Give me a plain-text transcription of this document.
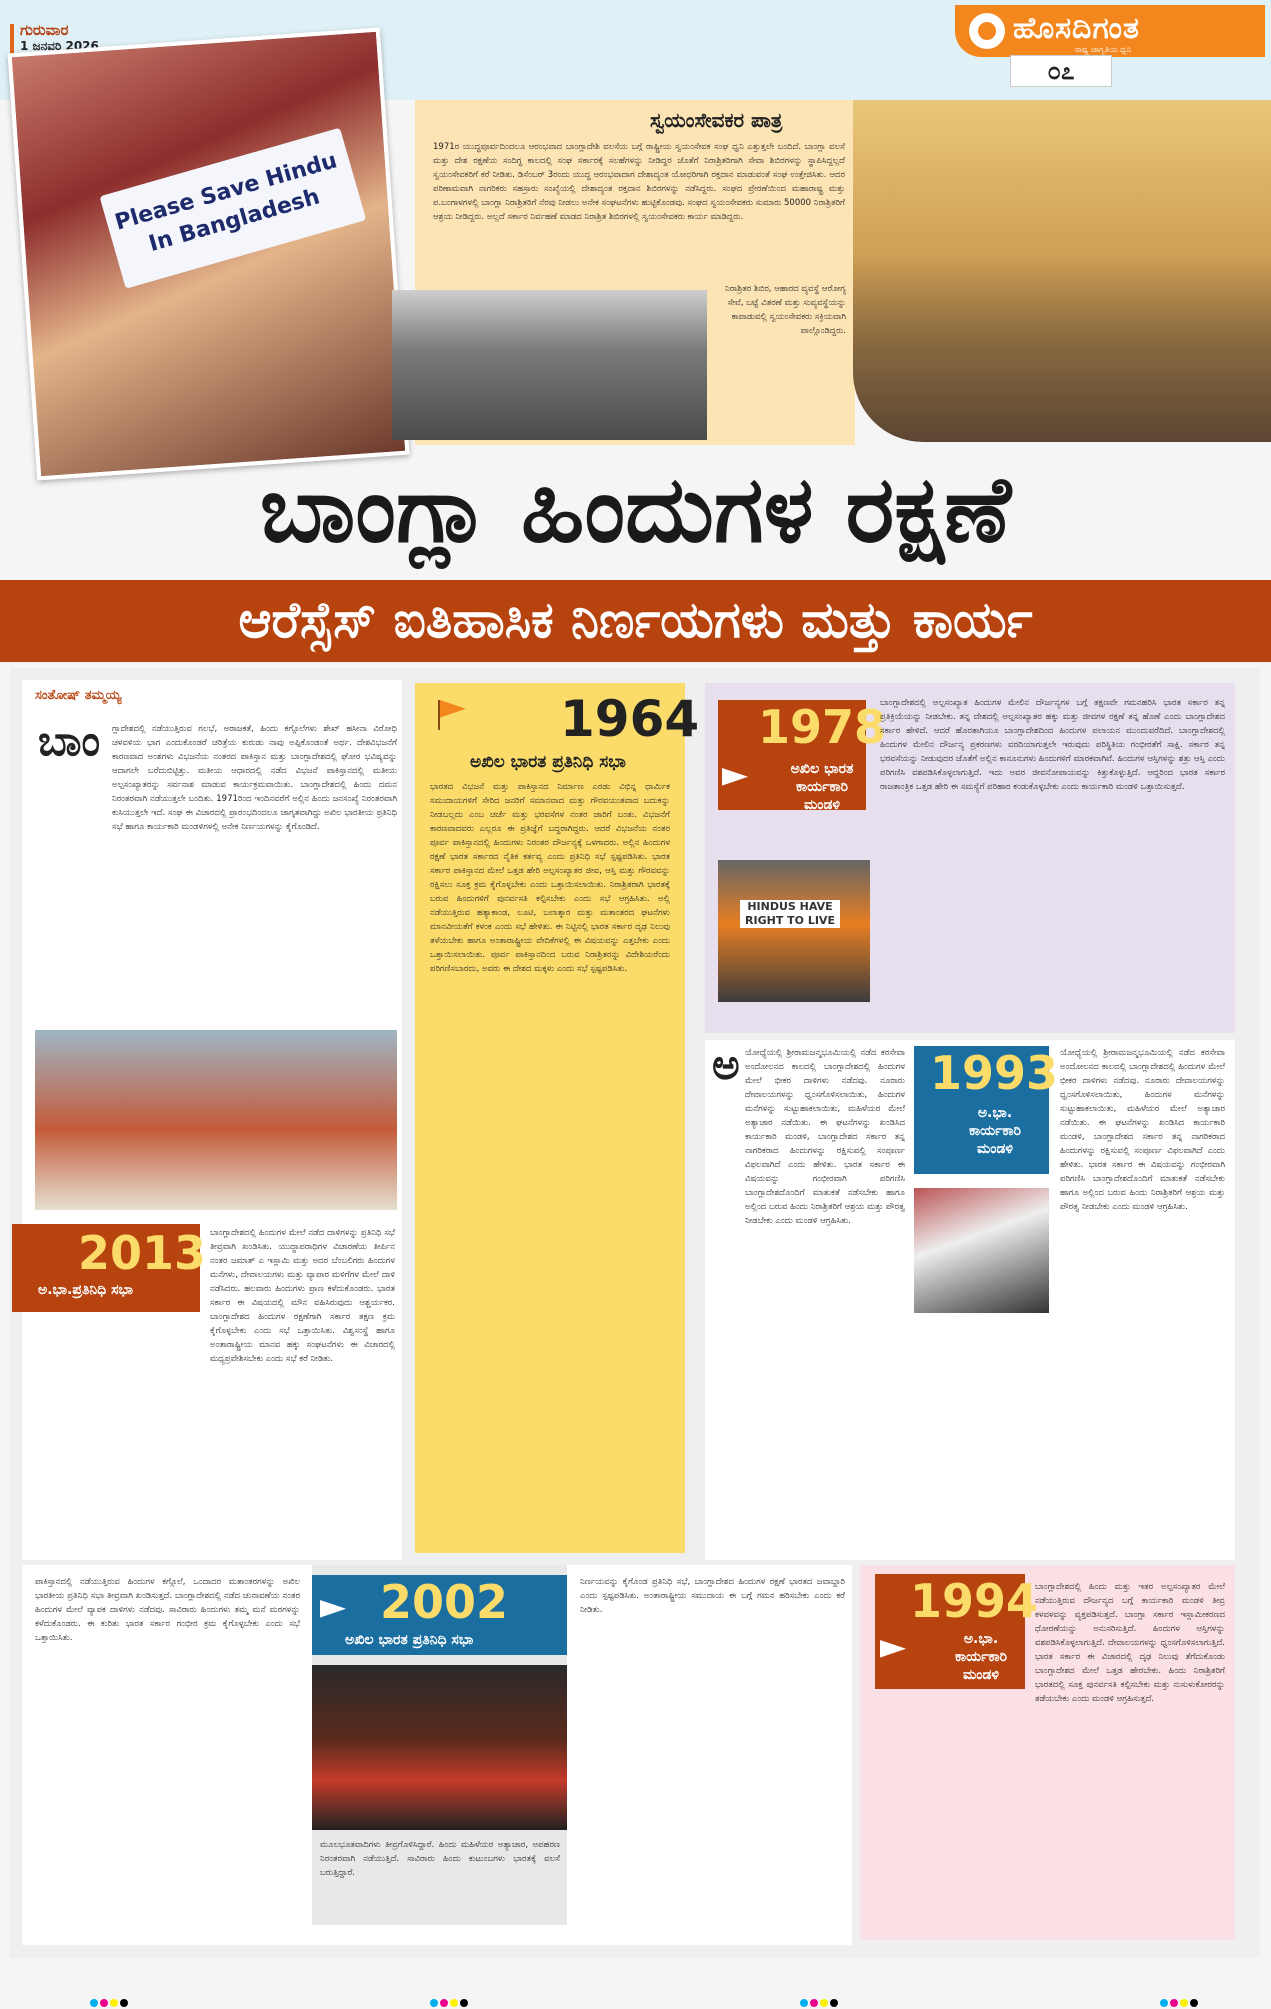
ಗುರುವಾರ
1 ಜನವರಿ 2026	ಹೊಸದಿಗಂತ
ರಾಷ್ಟ್ರ ಜಾಗೃತಿಯ ಧ್ವನಿ
೦೭
Please Save Hindu In Bangladesh
ಸ್ವಯಂಸೇವಕರ ಪಾತ್ರ
1971ರ ಯುದ್ಧಪೂರ್ವದಿಂದಲೂ ಆರಂಭವಾದ ಬಾಂಗ್ಲಾದೇಶಿ ವಲಸೆಯ ಬಗ್ಗೆ ರಾಷ್ಟ್ರೀಯ ಸ್ವಯಂಸೇವಕ ಸಂಘ ಧ್ವನಿ ಎತ್ತುತ್ತಲೇ ಬಂದಿದೆ. ಬಾಂಗ್ಲಾ ವಲಸೆ ಮತ್ತು ದೇಶ ರಕ್ಷಣೆಯ ಸಂದಿಗ್ಧ ಕಾಲದಲ್ಲಿ ಸಂಘ ಸರ್ಕಾರಕ್ಕೆ ಸಲಹೆಗಳನ್ನು ನೀಡಿದ್ದರ ಜೊತೆಗೆ ನಿರಾಶ್ರಿತರಿಗಾಗಿ ಸೇವಾ ಶಿಬಿರಗಳನ್ನು ಸ್ಥಾಪಿಸಿದ್ದಲ್ಲದೆ ಸ್ವಯಂಸೇವಕರಿಗೆ ಕರೆ ನೀಡಿತು. ಡಿಸೆಂಬರ್ 3ರಂದು ಯುದ್ಧ ಆರಂಭವಾದಾಗ ದೇಶಾದ್ಯಂತ ಯೋಧರಿಗಾಗಿ ರಕ್ತದಾನ ಮಾಡುವಂತೆ ಸಂಘ ಉತ್ತೇಜಿಸಿತು. ಆದರ ಪರಿಣಾಮವಾಗಿ ನಾಗರಿಕರು ಸಹಸ್ರಾರು ಸಂಖ್ಯೆಯಲ್ಲಿ ದೇಶಾದ್ಯಂತ ರಕ್ತದಾನ ಶಿಬಿರಗಳನ್ನು ನಡೆಸಿದ್ದರು. ಸಂಘದ ಪ್ರೇರಣೆಯಿಂದ ಮಹಾರಾಷ್ಟ್ರ ಮತ್ತು ಪ.ಬಂಗಾಳಗಳಲ್ಲಿ ಬಾಂಗ್ಲಾ ನಿರಾಶ್ರಿತರಿಗೆ ನೆರವು ನೀಡಲು ಅನೇಕ ಸಂಘಟನೆಗಳು ಹುಟ್ಟಿಕೊಂಡವು. ಸಂಘದ ಸ್ವಯಂಸೇವಕರು ಸುಮಾರು 50000 ನಿರಾಶ್ರಿತರಿಗೆ ಆಶ್ರಯ ನೀಡಿದ್ದರು. ಅಲ್ಲದೆ ಸರ್ಕಾರ ನಿರ್ವಹಣೆ ಮಾಡದ ನಿರಾಶ್ರಿತ ಶಿಬಿರಗಳಲ್ಲಿ ಸ್ವಯಂಸೇವಕರು ಕಾರ್ಯ ಮಾಡಿದ್ದರು.
ನಿರಾಶ್ರಿತರ ಶಿಬಿರ, ಆಹಾರದ ವ್ಯವಸ್ಥೆ ಆರೋಗ್ಯ ಸೇವೆ, ಬಟ್ಟೆ ವಿತರಣೆ ಮತ್ತು ಸುವ್ಯವಸ್ಥೆಯನ್ನು ಕಾಪಾಡುವಲ್ಲಿ ಸ್ವಯಂಸೇವಕರು ಸಕ್ರಿಯವಾಗಿ ಪಾಲ್ಗೊಂಡಿದ್ದರು.
ಬಾಂಗ್ಲಾ ಹಿಂದುಗಳ ರಕ್ಷಣೆ
ಆರೆಸ್ಸೆಸ್ ಐತಿಹಾಸಿಕ ನಿರ್ಣಯಗಳು ಮತ್ತು ಕಾರ್ಯ
ಸಂತೋಷ್ ತಮ್ಮಯ್ಯ
ಬಾಂ ಗ್ಲಾದೇಶದಲ್ಲಿ ನಡೆಯುತ್ತಿರುವ ಗಲಭೆ, ಅರಾಜಕತೆ, ಹಿಂದು ಕಗ್ಗೊಲೆಗಳು ಶೇಖ್ ಹಸೀನಾ ವಿರೋಧಿ ಚಳವಳಿಯ ಭಾಗ ಎಂದುಕೊಂಡರೆ ಚರಿತ್ರೆಯ ಕುರುಡು ನಾವು ಅಪ್ಪಿಕೊಂಡಂತೆ ಅರ್ಥ. ದೇಶವಿಭಜನೆಗೆ ಕಾರಣವಾದ ಅಂಶಗಳು ವಿಭಜನೆಯ ನಂತರದ ಪಾಕಿಸ್ತಾನ ಮತ್ತು ಬಾಂಗ್ಲಾದೇಶದಲ್ಲಿ ಘೋರ ಭವಿಷ್ಯವನ್ನು ಆದಾಗಲೇ ಬರೆದುಬಿಟ್ಟಿತ್ತು. ಮತೀಯ ಆಧಾರದಲ್ಲಿ ನಡೆದ ವಿಭಜನೆ ಪಾಕಿಸ್ತಾನದಲ್ಲಿ ಮತೀಯ ಅಲ್ಪಸಂಖ್ಯಾತರನ್ನು ಸರ್ವನಾಶ ಮಾಡುವ ಕಾರ್ಯಕ್ರಮವಾಯಿತು. ಬಾಂಗ್ಲಾದೇಶದಲ್ಲಿ ಹಿಂದು ದಮನ ನಿರಂತರವಾಗಿ ನಡೆಯುತ್ತಲೇ ಬಂದಿತು. 1971ರಿಂದ ಇಂದಿನವರೆಗೆ ಅಲ್ಲಿನ ಹಿಂದು ಜನಸಂಖ್ಯೆ ನಿರಂತರವಾಗಿ ಕುಸಿಯುತ್ತಲೇ ಇದೆ. ಸಂಘ ಈ ವಿಚಾರದಲ್ಲಿ ಪ್ರಾರಂಭದಿಂದಲೂ ಜಾಗೃತವಾಗಿದ್ದು ಅಖಿಲ ಭಾರತೀಯ ಪ್ರತಿನಿಧಿ ಸಭೆ ಹಾಗೂ ಕಾರ್ಯಕಾರಿ ಮಂಡಳಿಗಳಲ್ಲಿ ಅನೇಕ ನಿರ್ಣಯಗಳನ್ನು ಕೈಗೊಂಡಿದೆ.
1964
ಅಖಿಲ ಭಾರತ ಪ್ರತಿನಿಧಿ ಸಭಾ
ಭಾರತದ ವಿಭಜನೆ ಮತ್ತು ಪಾಕಿಸ್ತಾನದ ನಿರ್ಮಾಣ ಎರಡು ವಿಭಿನ್ನ ಧಾರ್ಮಿಕ ಸಮುದಾಯಗಳಿಗೆ ಸೇರಿದ ಜನರಿಗೆ ಸಮಾನವಾದ ಮತ್ತು ಗೌರವಯುತವಾದ ಬದುಕನ್ನು ನೀಡಬಲ್ಲದು ಎಂಬ ಚರ್ಚೆ ಮತ್ತು ಭರವಸೆಗಳ ನಂತರ ಜಾರಿಗೆ ಬಂತು. ವಿಭಜನೆಗೆ ಕಾರಣವಾದವರು ಎಲ್ಲರೂ ಈ ಪ್ರತಿಜ್ಞೆಗೆ ಬದ್ಧರಾಗಿದ್ದರು. ಆದರೆ ವಿಭಜನೆಯ ನಂತರ ಪೂರ್ವ ಪಾಕಿಸ್ತಾನದಲ್ಲಿ ಹಿಂದುಗಳು ನಿರಂತರ ದೌರ್ಜನ್ಯಕ್ಕೆ ಒಳಗಾದರು. ಅಲ್ಲಿನ ಹಿಂದುಗಳ ರಕ್ಷಣೆ ಭಾರತ ಸರ್ಕಾರದ ನೈತಿಕ ಕರ್ತವ್ಯ ಎಂದು ಪ್ರತಿನಿಧಿ ಸಭೆ ಸ್ಪಷ್ಟಪಡಿಸಿತು. ಭಾರತ ಸರ್ಕಾರ ಪಾಕಿಸ್ತಾನದ ಮೇಲೆ ಒತ್ತಡ ಹೇರಿ ಅಲ್ಪಸಂಖ್ಯಾತರ ಜೀವ, ಆಸ್ತಿ ಮತ್ತು ಗೌರವವನ್ನು ರಕ್ಷಿಸಲು ಸೂಕ್ತ ಕ್ರಮ ಕೈಗೊಳ್ಳಬೇಕು ಎಂದು ಒತ್ತಾಯಿಸಲಾಯಿತು. ನಿರಾಶ್ರಿತರಾಗಿ ಭಾರತಕ್ಕೆ ಬರುವ ಹಿಂದುಗಳಿಗೆ ಪುನರ್ವಸತಿ ಕಲ್ಪಿಸಬೇಕು ಎಂದು ಸಭೆ ಆಗ್ರಹಿಸಿತು. ಅಲ್ಲಿ ನಡೆಯುತ್ತಿರುವ ಹತ್ಯಾಕಾಂಡ, ಲೂಟಿ, ಬಲಾತ್ಕಾರ ಮತ್ತು ಮತಾಂತರದ ಘಟನೆಗಳು ಮಾನವೀಯತೆಗೆ ಕಳಂಕ ಎಂದು ಸಭೆ ಹೇಳಿತು. ಈ ನಿಟ್ಟಿನಲ್ಲಿ ಭಾರತ ಸರ್ಕಾರ ದೃಢ ನಿಲುವು ತಳೆಯಬೇಕು ಹಾಗೂ ಅಂತಾರಾಷ್ಟ್ರೀಯ ವೇದಿಕೆಗಳಲ್ಲಿ ಈ ವಿಷಯವನ್ನು ಎತ್ತಬೇಕು ಎಂದು ಒತ್ತಾಯಿಸಲಾಯಿತು. ಪೂರ್ವ ಪಾಕಿಸ್ತಾನದಿಂದ ಬರುವ ನಿರಾಶ್ರಿತರನ್ನು ವಿದೇಶಿಯರೆಂದು ಪರಿಗಣಿಸಬಾರದು, ಅವರು ಈ ದೇಶದ ಮಕ್ಕಳು ಎಂದು ಸಭೆ ಸ್ಪಷ್ಟಪಡಿಸಿತು.
1978
ಅಖಿಲ ಭಾರತ ಕಾರ್ಯಕಾರಿ ಮಂಡಳಿ
HINDUS HAVE RIGHT TO LIVE
ಬಾಂಗ್ಲಾದೇಶದಲ್ಲಿ ಅಲ್ಪಸಂಖ್ಯಾತ ಹಿಂದುಗಳ ಮೇಲಿನ ದೌರ್ಜನ್ಯಗಳ ಬಗ್ಗೆ ತಕ್ಷಣವೇ ಗಮನಹರಿಸಿ ಭಾರತ ಸರ್ಕಾರ ತನ್ನ ಪ್ರತಿಕ್ರಿಯೆಯನ್ನು ನೀಡಬೇಕು. ತನ್ನ ದೇಶದಲ್ಲಿ ಅಲ್ಪಸಂಖ್ಯಾತರ ಹಕ್ಕು ಮತ್ತು ಜೀವಗಳ ರಕ್ಷಣೆ ತನ್ನ ಹೊಣೆ ಎಂದು ಬಾಂಗ್ಲಾದೇಶದ ಸರ್ಕಾರ ಹೇಳಿದೆ. ಆದರೆ ಹೊರತಾಗಿಯೂ ಬಾಂಗ್ಲಾದೇಶದಿಂದ ಹಿಂದುಗಳ ಪಲಾಯನ ಮುಂದುವರೆದಿದೆ. ಬಾಂಗ್ಲಾದೇಶದಲ್ಲಿ ಹಿಂದುಗಳ ಮೇಲಿನ ದೌರ್ಜನ್ಯ ಪ್ರಕರಣಗಳು ವರದಿಯಾಗುತ್ತಲೇ ಇರುವುದು ಪರಿಸ್ಥಿತಿಯ ಗಂಭೀರತೆಗೆ ಸಾಕ್ಷಿ. ಸರ್ಕಾರ ತನ್ನ ಭರವಸೆಯನ್ನು ನೀಡುವುದರ ಜೊತೆಗೆ ಅಲ್ಲಿನ ಕಾನೂನುಗಳು ಹಿಂದುಗಳಿಗೆ ಮಾರಕವಾಗಿವೆ. ಹಿಂದುಗಳ ಆಸ್ತಿಗಳನ್ನು ಶತ್ರು ಆಸ್ತಿ ಎಂದು ಪರಿಗಣಿಸಿ ವಶಪಡಿಸಿಕೊಳ್ಳಲಾಗುತ್ತಿದೆ. ಇದು ಅವರ ಜೀವನೋಪಾಯವನ್ನು ಕಿತ್ತುಕೊಳ್ಳುತ್ತಿದೆ. ಆದ್ದರಿಂದ ಭಾರತ ಸರ್ಕಾರ ರಾಜತಾಂತ್ರಿಕ ಒತ್ತಡ ಹೇರಿ ಈ ಸಮಸ್ಯೆಗೆ ಪರಿಹಾರ ಕಂಡುಕೊಳ್ಳಬೇಕು ಎಂದು ಕಾರ್ಯಕಾರಿ ಮಂಡಳಿ ಒತ್ತಾಯಿಸುತ್ತದೆ.
ಅ ಯೋಧ್ಯೆಯಲ್ಲಿ ಶ್ರೀರಾಮಜನ್ಮಭೂಮಿಯಲ್ಲಿ ನಡೆದ ಕರಸೇವಾ ಅಂದೋಲನದ ಕಾಲದಲ್ಲಿ ಬಾಂಗ್ಲಾದೇಶದಲ್ಲಿ ಹಿಂದುಗಳ ಮೇಲೆ ಭೀಕರ ದಾಳಿಗಳು ನಡೆದವು. ನೂರಾರು ದೇವಾಲಯಗಳನ್ನು ಧ್ವಂಸಗೊಳಿಸಲಾಯಿತು, ಹಿಂದುಗಳ ಮನೆಗಳನ್ನು ಸುಟ್ಟುಹಾಕಲಾಯಿತು, ಮಹಿಳೆಯರ ಮೇಲೆ ಅತ್ಯಾಚಾರ ನಡೆಯಿತು. ಈ ಘಟನೆಗಳನ್ನು ಖಂಡಿಸಿದ ಕಾರ್ಯಕಾರಿ ಮಂಡಳಿ, ಬಾಂಗ್ಲಾದೇಶದ ಸರ್ಕಾರ ತನ್ನ ನಾಗರಿಕರಾದ ಹಿಂದುಗಳನ್ನು ರಕ್ಷಿಸುವಲ್ಲಿ ಸಂಪೂರ್ಣ ವಿಫಲವಾಗಿದೆ ಎಂದು ಹೇಳಿತು. ಭಾರತ ಸರ್ಕಾರ ಈ ವಿಷಯವನ್ನು ಗಂಭೀರವಾಗಿ ಪರಿಗಣಿಸಿ ಬಾಂಗ್ಲಾದೇಶದೊಂದಿಗೆ ಮಾತುಕತೆ ನಡೆಸಬೇಕು ಹಾಗೂ ಅಲ್ಲಿಂದ ಬರುವ ಹಿಂದು ನಿರಾಶ್ರಿತರಿಗೆ ಆಶ್ರಯ ಮತ್ತು ಪೌರತ್ವ ನೀಡಬೇಕು ಎಂದು ಮಂಡಳಿ ಆಗ್ರಹಿಸಿತು.
1993
ಅ.ಭಾ. ಕಾರ್ಯಕಾರಿ ಮಂಡಳಿ
ಯೋಧ್ಯೆಯಲ್ಲಿ ಶ್ರೀರಾಮಜನ್ಮಭೂಮಿಯಲ್ಲಿ ನಡೆದ ಕರಸೇವಾ ಅಂದೋಲನದ ಕಾಲದಲ್ಲಿ ಬಾಂಗ್ಲಾದೇಶದಲ್ಲಿ ಹಿಂದುಗಳ ಮೇಲೆ ಭೀಕರ ದಾಳಿಗಳು ನಡೆದವು. ನೂರಾರು ದೇವಾಲಯಗಳನ್ನು ಧ್ವಂಸಗೊಳಿಸಲಾಯಿತು, ಹಿಂದುಗಳ ಮನೆಗಳನ್ನು ಸುಟ್ಟುಹಾಕಲಾಯಿತು, ಮಹಿಳೆಯರ ಮೇಲೆ ಅತ್ಯಾಚಾರ ನಡೆಯಿತು. ಈ ಘಟನೆಗಳನ್ನು ಖಂಡಿಸಿದ ಕಾರ್ಯಕಾರಿ ಮಂಡಳಿ, ಬಾಂಗ್ಲಾದೇಶದ ಸರ್ಕಾರ ತನ್ನ ನಾಗರಿಕರಾದ ಹಿಂದುಗಳನ್ನು ರಕ್ಷಿಸುವಲ್ಲಿ ಸಂಪೂರ್ಣ ವಿಫಲವಾಗಿದೆ ಎಂದು ಹೇಳಿತು. ಭಾರತ ಸರ್ಕಾರ ಈ ವಿಷಯವನ್ನು ಗಂಭೀರವಾಗಿ ಪರಿಗಣಿಸಿ ಬಾಂಗ್ಲಾದೇಶದೊಂದಿಗೆ ಮಾತುಕತೆ ನಡೆಸಬೇಕು ಹಾಗೂ ಅಲ್ಲಿಂದ ಬರುವ ಹಿಂದು ನಿರಾಶ್ರಿತರಿಗೆ ಆಶ್ರಯ ಮತ್ತು ಪೌರತ್ವ ನೀಡಬೇಕು ಎಂದು ಮಂಡಳಿ ಆಗ್ರಹಿಸಿತು.
2013
ಅ.ಭಾ.ಪ್ರತಿನಿಧಿ ಸಭಾ
ಬಾಂಗ್ಲಾದೇಶದಲ್ಲಿ ಹಿಂದುಗಳ ಮೇಲೆ ನಡೆದ ದಾಳಿಗಳನ್ನು ಪ್ರತಿನಿಧಿ ಸಭೆ ತೀವ್ರವಾಗಿ ಖಂಡಿಸಿತು. ಯುದ್ಧಾಪರಾಧಿಗಳ ವಿಚಾರಣೆಯ ತೀರ್ಪಿನ ನಂತರ ಜಮಾತ್ ಎ ಇಸ್ಲಾಮಿ ಮತ್ತು ಅದರ ಬೆಂಬಲಿಗರು ಹಿಂದುಗಳ ಮನೆಗಳು, ದೇವಾಲಯಗಳು ಮತ್ತು ವ್ಯಾಪಾರ ಮಳಿಗೆಗಳ ಮೇಲೆ ದಾಳಿ ನಡೆಸಿದರು. ಹಲವಾರು ಹಿಂದುಗಳು ಪ್ರಾಣ ಕಳೆದುಕೊಂಡರು. ಭಾರತ ಸರ್ಕಾರ ಈ ವಿಷಯದಲ್ಲಿ ಮೌನ ವಹಿಸಿರುವುದು ಆಶ್ಚರ್ಯಕರ. ಬಾಂಗ್ಲಾದೇಶದ ಹಿಂದುಗಳ ರಕ್ಷಣೆಗಾಗಿ ಸರ್ಕಾರ ತಕ್ಷಣ ಕ್ರಮ ಕೈಗೊಳ್ಳಬೇಕು ಎಂದು ಸಭೆ ಒತ್ತಾಯಿಸಿತು. ವಿಶ್ವಸಂಸ್ಥೆ ಹಾಗೂ ಅಂತಾರಾಷ್ಟ್ರೀಯ ಮಾನವ ಹಕ್ಕು ಸಂಘಟನೆಗಳು ಈ ವಿಚಾರದಲ್ಲಿ ಮಧ್ಯಪ್ರವೇಶಿಸಬೇಕು ಎಂದು ಸಭೆ ಕರೆ ನೀಡಿತು.
ಪಾಕಿಸ್ತಾನದಲ್ಲಿ ನಡೆಯುತ್ತಿರುವ ಹಿಂದುಗಳ ಕಗ್ಗೊಲೆ, ಒಂದಾದರ ಮತಾಂತರಗಳನ್ನು ಅಖಿಲ ಭಾರತೀಯ ಪ್ರತಿನಿಧಿ ಸಭಾ ತೀವ್ರವಾಗಿ ಖಂಡಿಸುತ್ತದೆ. ಬಾಂಗ್ಲಾದೇಶದಲ್ಲಿ ನಡೆದ ಚುನಾವಣೆಯ ನಂತರ ಹಿಂದುಗಳ ಮೇಲೆ ವ್ಯಾಪಕ ದಾಳಿಗಳು ನಡೆದವು. ಸಾವಿರಾರು ಹಿಂದುಗಳು ತಮ್ಮ ಮನೆ ಮಠಗಳನ್ನು ಕಳೆದುಕೊಂಡರು. ಈ ಕುರಿತು ಭಾರತ ಸರ್ಕಾರ ಗಂಭೀರ ಕ್ರಮ ಕೈಗೊಳ್ಳಬೇಕು ಎಂದು ಸಭೆ ಒತ್ತಾಯಿಸಿತು.
2002
ಅಖಿಲ ಭಾರತ ಪ್ರತಿನಿಧಿ ಸಭಾ
ಮೂಲಭೂತವಾದಿಗಳು ತೀವ್ರಗೊಳಿಸಿದ್ದಾರೆ. ಹಿಂದು ಮಹಿಳೆಯರ ಅತ್ಯಾಚಾರ, ಅಪಹರಣ ನಿರಂತರವಾಗಿ ನಡೆಯುತ್ತಿದೆ. ಸಾವಿರಾರು ಹಿಂದು ಕುಟುಂಬಗಳು ಭಾರತಕ್ಕೆ ವಲಸೆ ಬರುತ್ತಿದ್ದಾರೆ.
ನಿರ್ಣಯವನ್ನು ಕೈಗೊಂಡ ಪ್ರತಿನಿಧಿ ಸಭೆ, ಬಾಂಗ್ಲಾದೇಶದ ಹಿಂದುಗಳ ರಕ್ಷಣೆ ಭಾರತದ ಜವಾಬ್ದಾರಿ ಎಂದು ಸ್ಪಷ್ಟಪಡಿಸಿತು. ಅಂತಾರಾಷ್ಟ್ರೀಯ ಸಮುದಾಯ ಈ ಬಗ್ಗೆ ಗಮನ ಹರಿಸಬೇಕು ಎಂದು ಕರೆ ನೀಡಿತು.	1994
ಅ.ಭಾ. ಕಾರ್ಯಕಾರಿ ಮಂಡಳಿ
ಬಾಂಗ್ಲಾದೇಶದಲ್ಲಿ ಹಿಂದು ಮತ್ತು ಇತರ ಅಲ್ಪಸಂಖ್ಯಾತರ ಮೇಲೆ ನಡೆಯುತ್ತಿರುವ ದೌರ್ಜನ್ಯದ ಬಗ್ಗೆ ಕಾರ್ಯಕಾರಿ ಮಂಡಳಿ ತೀವ್ರ ಕಳವಳವನ್ನು ವ್ಯಕ್ತಪಡಿಸುತ್ತದೆ. ಬಾಂಗ್ಲಾ ಸರ್ಕಾರ ಇಸ್ಲಾಮೀಕರಣದ ಧೋರಣೆಯನ್ನು ಅನುಸರಿಸುತ್ತಿದೆ. ಹಿಂದುಗಳ ಆಸ್ತಿಗಳನ್ನು ವಶಪಡಿಸಿಕೊಳ್ಳಲಾಗುತ್ತಿದೆ. ದೇವಾಲಯಗಳನ್ನು ಧ್ವಂಸಗೊಳಿಸಲಾಗುತ್ತಿದೆ. ಭಾರತ ಸರ್ಕಾರ ಈ ವಿಚಾರದಲ್ಲಿ ದೃಢ ನಿಲುವು ತೆಗೆದುಕೊಂಡು ಬಾಂಗ್ಲಾದೇಶದ ಮೇಲೆ ಒತ್ತಡ ಹೇರಬೇಕು. ಹಿಂದು ನಿರಾಶ್ರಿತರಿಗೆ ಭಾರತದಲ್ಲಿ ಸೂಕ್ತ ಪುನರ್ವಸತಿ ಕಲ್ಪಿಸಬೇಕು ಮತ್ತು ನುಸುಳುಕೋರರನ್ನು ತಡೆಯಬೇಕು ಎಂದು ಮಂಡಳಿ ಆಗ್ರಹಿಸುತ್ತದೆ.
